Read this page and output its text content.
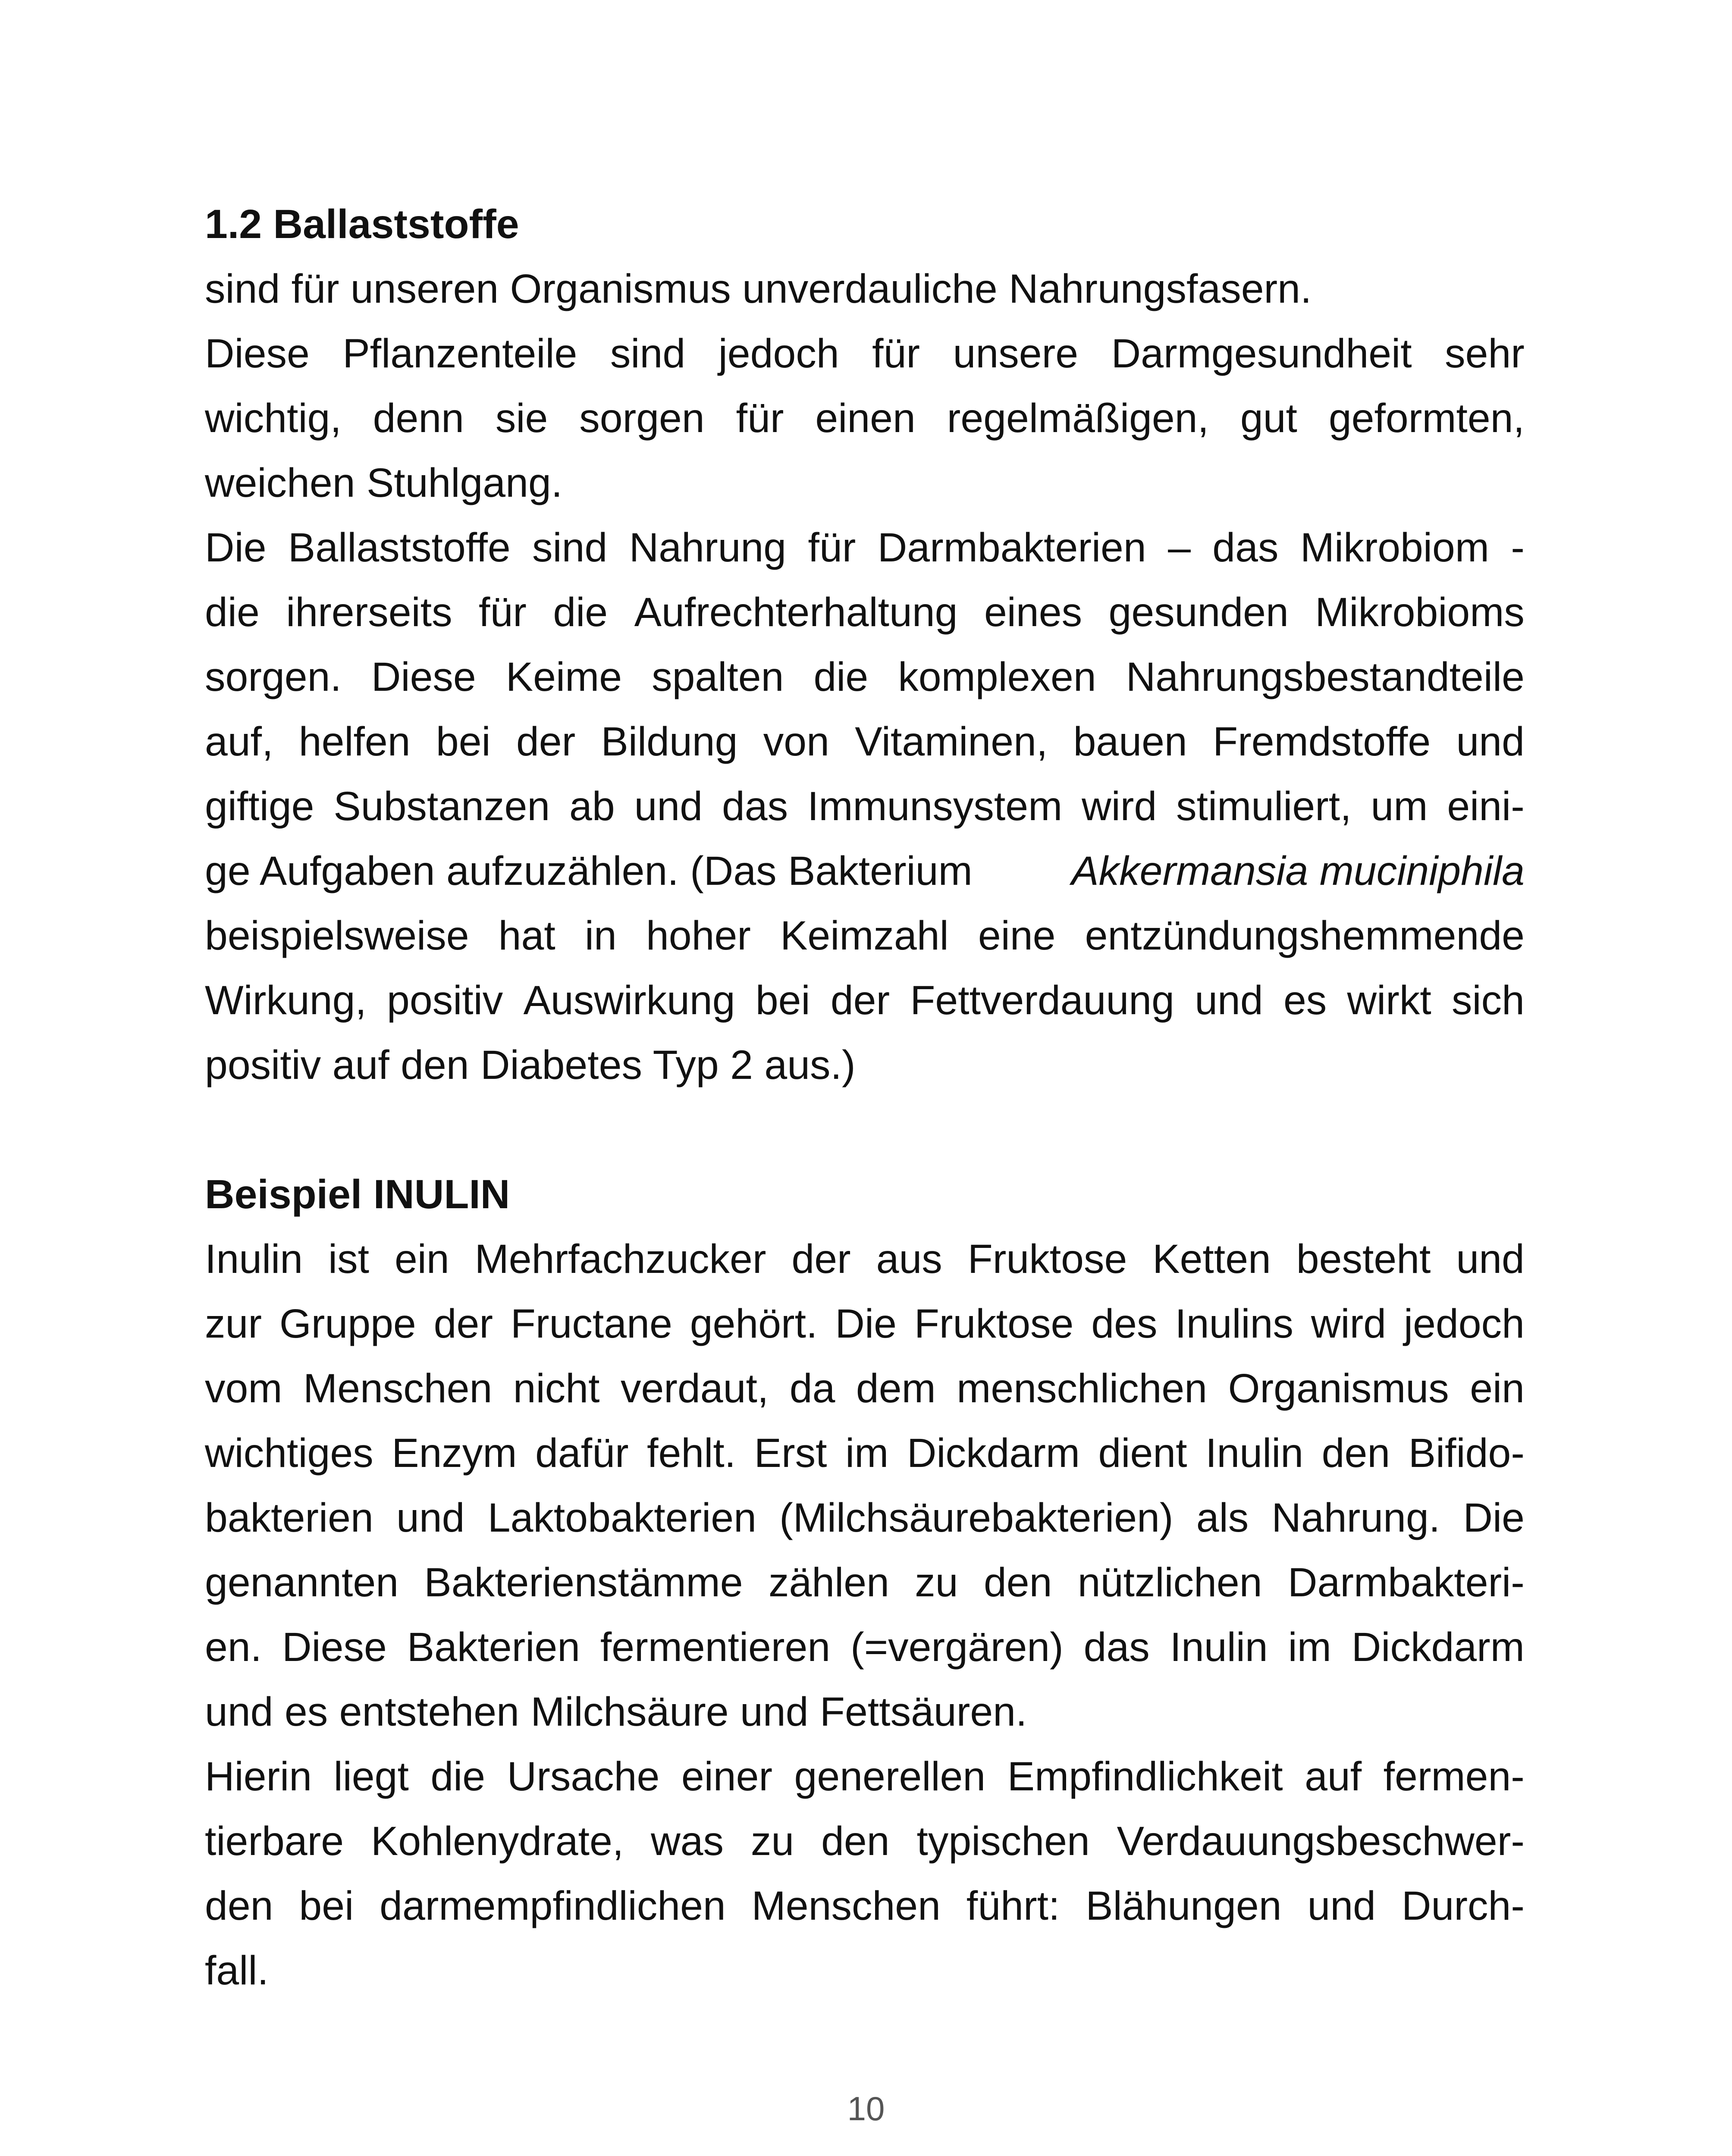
1.2 Ballaststoffe

sind für unseren Organismus unverdauliche Nahrungsfasern.

Diese Pflanzenteile sind jedoch für unsere Darmgesundheit sehr

wichtig, denn sie sorgen für einen regelmäßigen, gut geformten,

weichen Stuhlgang.

Die Ballaststoffe sind Nahrung für Darmbakterien – das Mikrobiom -

die ihrerseits für die Aufrechterhaltung eines gesunden Mikrobioms

sorgen. Diese Keime spalten die komplexen Nahrungsbestandteile

auf, helfen bei der Bildung von Vitaminen, bauen Fremdstoffe und

giftige Substanzen ab und das Immunsystem wird stimuliert, um eini-

ge Aufgaben aufzuzählen. (Das Bakterium Akkermansia muciniphila

beispielsweise hat in hoher Keimzahl eine entzündungshemmende

Wirkung, positiv Auswirkung bei der Fettverdauung und es wirkt sich

positiv auf den Diabetes Typ 2 aus.)

Beispiel INULIN

Inulin ist ein Mehrfachzucker der aus Fruktose Ketten besteht und

zur Gruppe der Fructane gehört. Die Fruktose des Inulins wird jedoch

vom Menschen nicht verdaut, da dem menschlichen Organismus ein

wichtiges Enzym dafür fehlt. Erst im Dickdarm dient Inulin den Bifido-

bakterien und Laktobakterien (Milchsäurebakterien) als Nahrung. Die

genannten Bakterienstämme zählen zu den nützlichen Darmbakteri-

en. Diese Bakterien fermentieren (=vergären) das Inulin im Dickdarm

und es entstehen Milchsäure und Fettsäuren.

Hierin liegt die Ursache einer generellen Empfindlichkeit auf fermen-

tierbare Kohlenydrate, was zu den typischen Verdauungsbeschwer-

den bei darmempfindlichen Menschen führt: Blähungen und Durch-

fall.

10
